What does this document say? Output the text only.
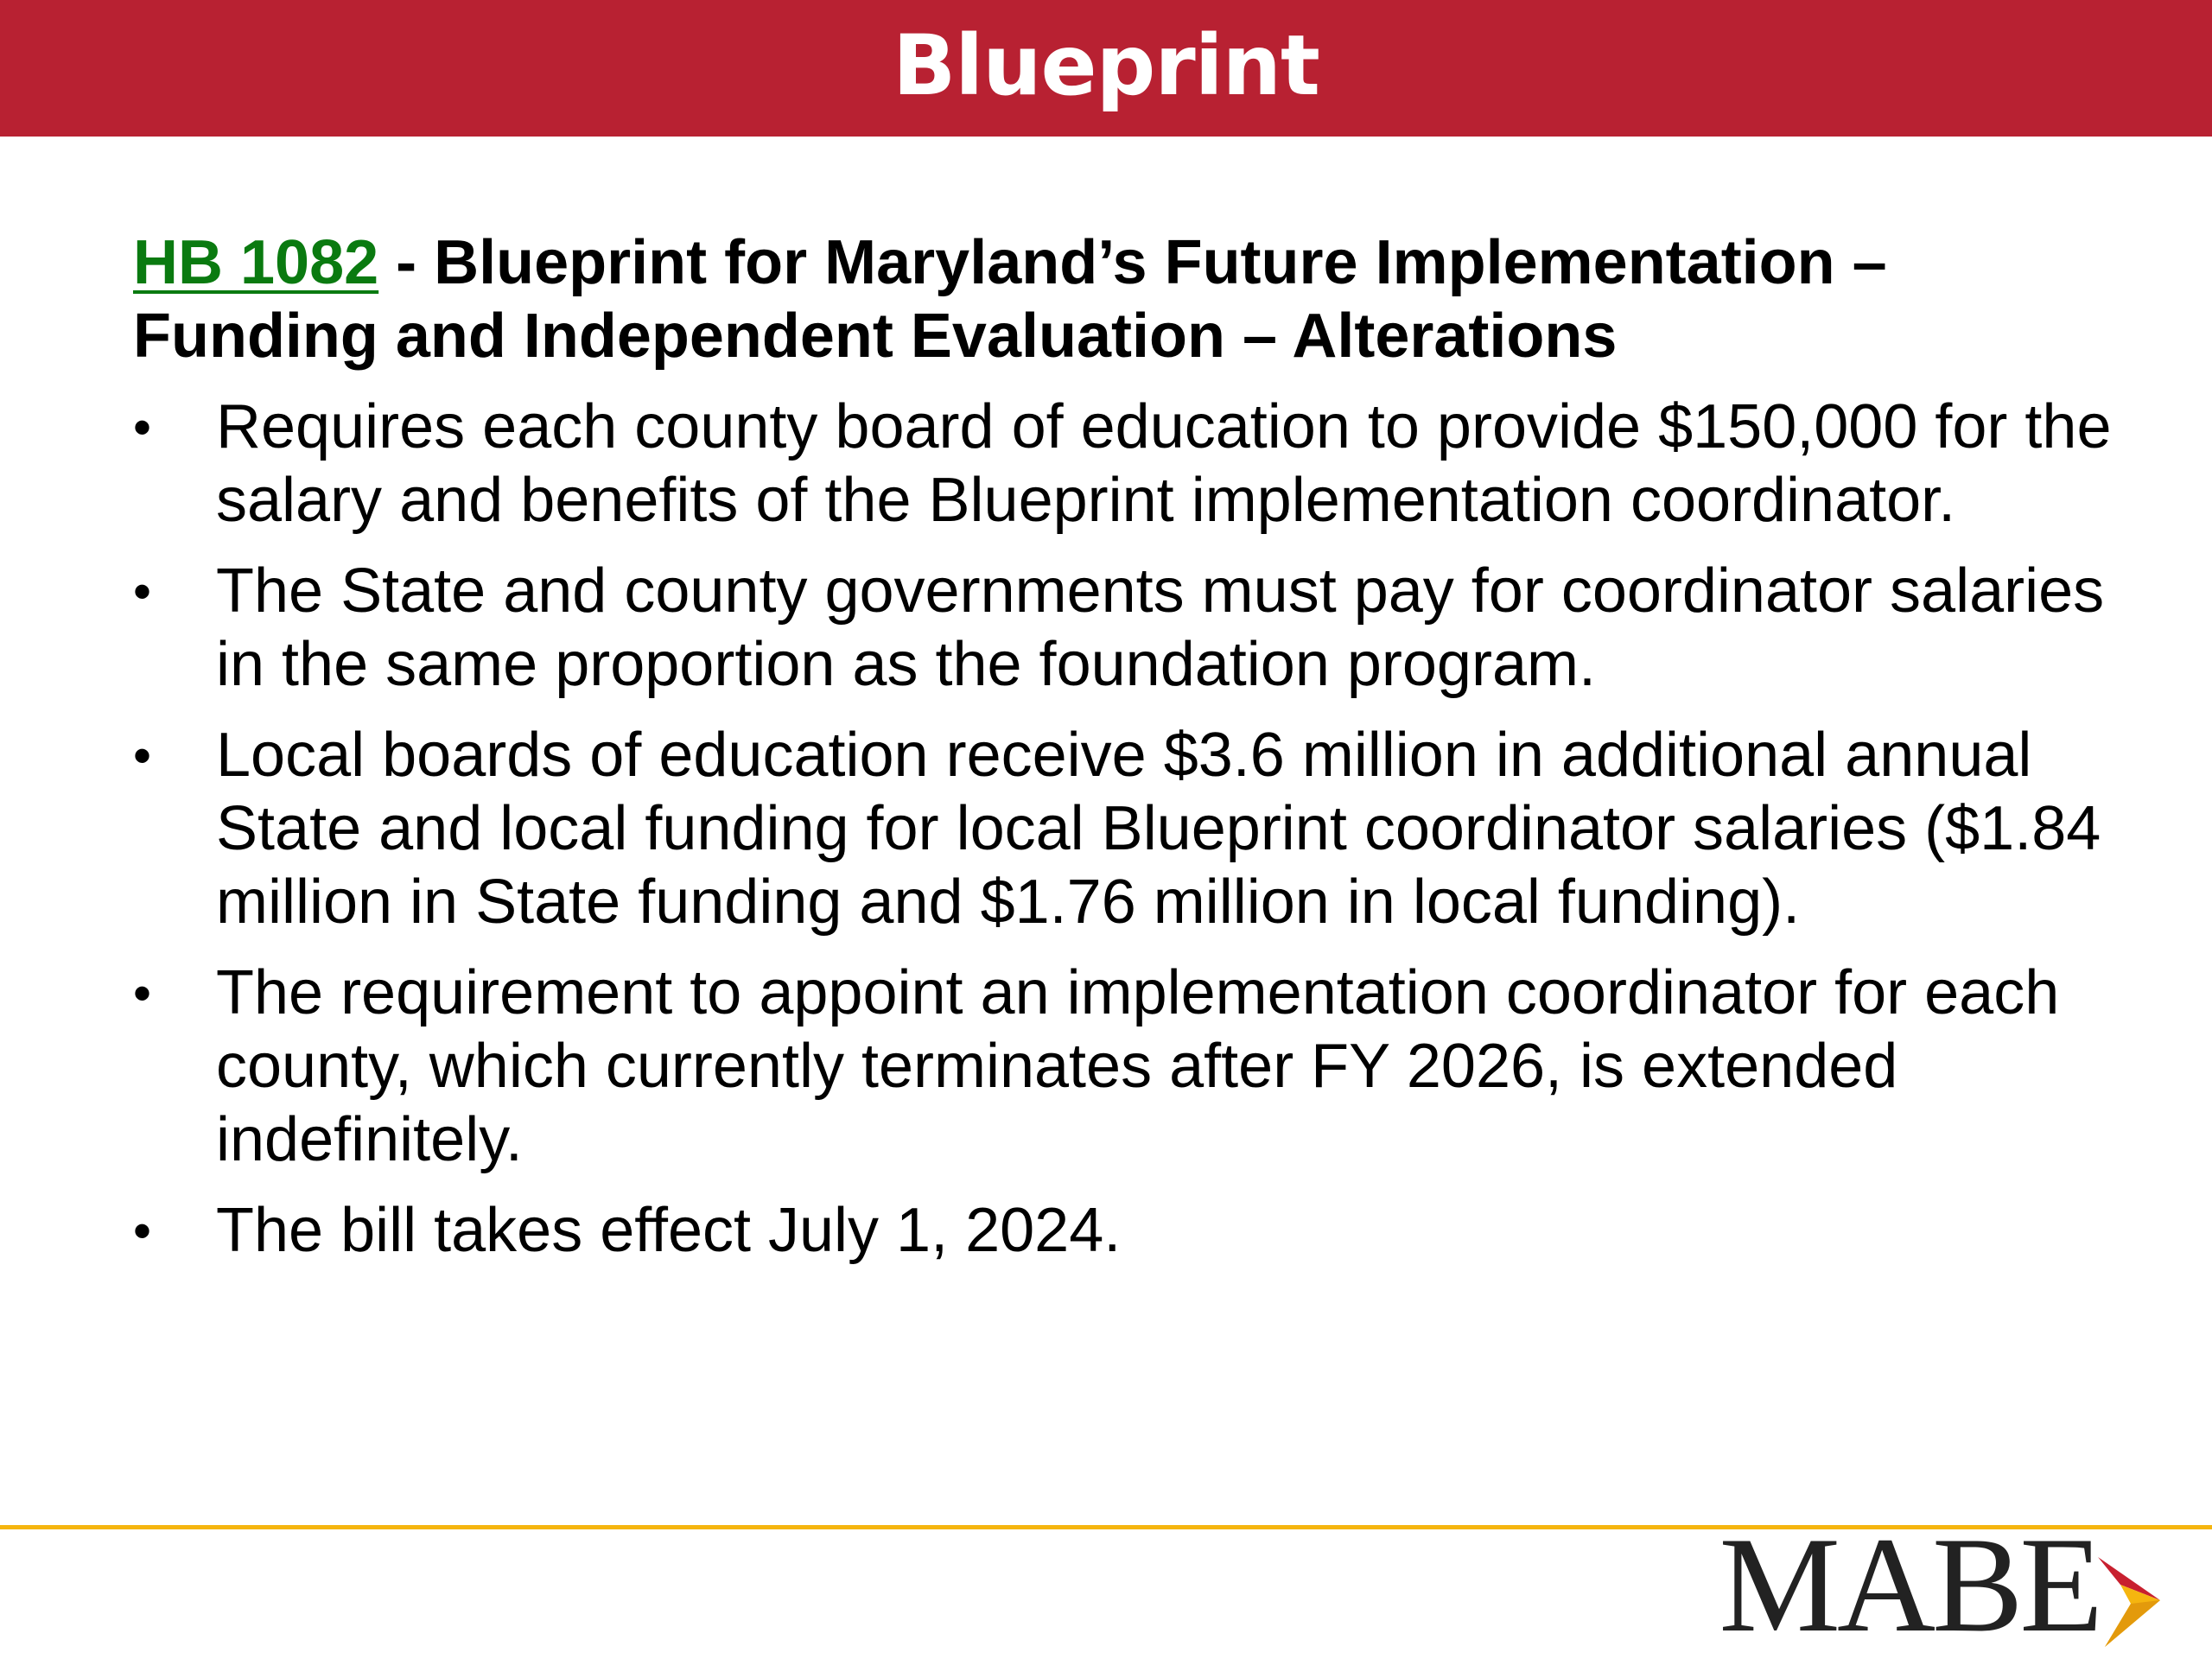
Blueprint

HB 1082 - Blueprint for Maryland’s Future Implementation – Funding and Independent Evaluation – Alterations

• Requires each county board of education to provide $150,000 for the salary and benefits of the Blueprint implementation coordinator.
• The State and county governments must pay for coordinator salaries in the same proportion as the foundation program.
• Local boards of education receive $3.6 million in additional annual State and local funding for local Blueprint coordinator salaries ($1.84 million in State funding and $1.76 million in local funding).
• The requirement to appoint an implementation coordinator for each county, which currently terminates after FY 2026, is extended indefinitely.
• The bill takes effect July 1, 2024.
MABE
